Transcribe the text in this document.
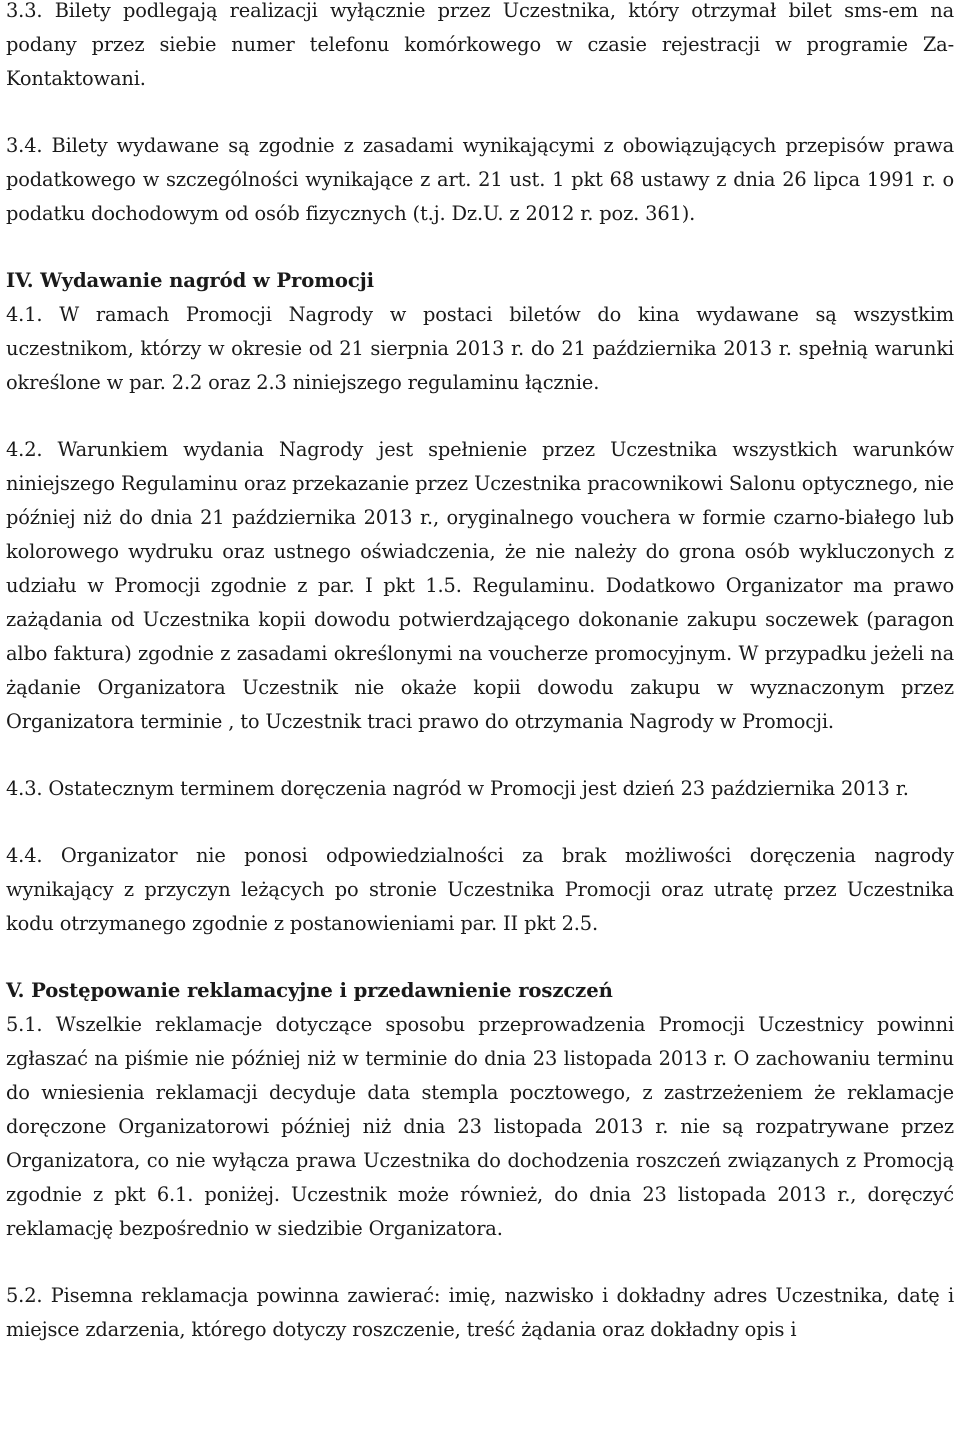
3.3. Bilety podlegają realizacji wyłącznie przez Uczestnika, który otrzymał bilet sms-em na podany przez siebie numer telefonu komórkowego w czasie rejestracji w programie Za-Kontaktowani.

3.4. Bilety wydawane są zgodnie z zasadami wynikającymi z obowiązujących przepisów prawa podatkowego w szczególności wynikające z art. 21 ust. 1 pkt 68 ustawy z dnia 26 lipca 1991 r. o podatku dochodowym od osób fizycznych (t.j. Dz.U. z 2012 r. poz. 361).

IV. Wydawanie nagród w Promocji

4.1. W ramach Promocji Nagrody w postaci biletów do kina wydawane są wszystkim uczestnikom, którzy w okresie od 21 sierpnia 2013 r. do 21 października 2013 r. spełnią warunki określone w par. 2.2 oraz 2.3 niniejszego regulaminu łącznie.

4.2. Warunkiem wydania Nagrody jest spełnienie przez Uczestnika wszystkich warunków niniejszego Regulaminu oraz przekazanie przez Uczestnika pracownikowi Salonu optycznego, nie później niż do dnia 21 października 2013 r., oryginalnego vouchera w formie czarno-białego lub kolorowego wydruku oraz ustnego oświadczenia, że nie należy do grona osób wykluczonych z udziału w Promocji zgodnie z par. I pkt 1.5. Regulaminu. Dodatkowo Organizator ma prawo zażądania od Uczestnika kopii dowodu potwierdzającego dokonanie zakupu soczewek (paragon albo faktura) zgodnie z zasadami określonymi na voucherze promocyjnym. W przypadku jeżeli na żądanie Organizatora Uczestnik nie okaże kopii dowodu zakupu w wyznaczonym przez Organizatora terminie , to Uczestnik traci prawo do otrzymania Nagrody w Promocji.

4.3. Ostatecznym terminem doręczenia nagród w Promocji jest dzień 23 października 2013 r.

4.4. Organizator nie ponosi odpowiedzialności za brak możliwości doręczenia nagrody wynikający z przyczyn leżących po stronie Uczestnika Promocji oraz utratę przez Uczestnika kodu otrzymanego zgodnie z postanowieniami par. II pkt 2.5.

V. Postępowanie reklamacyjne i przedawnienie roszczeń

5.1. Wszelkie reklamacje dotyczące sposobu przeprowadzenia Promocji Uczestnicy powinni zgłaszać na piśmie nie później niż w terminie do dnia 23 listopada 2013 r. O zachowaniu terminu do wniesienia reklamacji decyduje data stempla pocztowego, z zastrzeżeniem że reklamacje doręczone Organizatorowi później niż dnia 23 listopada 2013 r. nie są rozpatrywane przez Organizatora, co nie wyłącza prawa Uczestnika do dochodzenia roszczeń związanych z Promocją zgodnie z pkt 6.1. poniżej. Uczestnik może również, do dnia 23 listopada 2013 r., doręczyć reklamację bezpośrednio w siedzibie Organizatora.

5.2. Pisemna reklamacja powinna zawierać: imię, nazwisko i dokładny adres Uczestnika, datę i miejsce zdarzenia, którego dotyczy roszczenie, treść żądania oraz dokładny opis i
